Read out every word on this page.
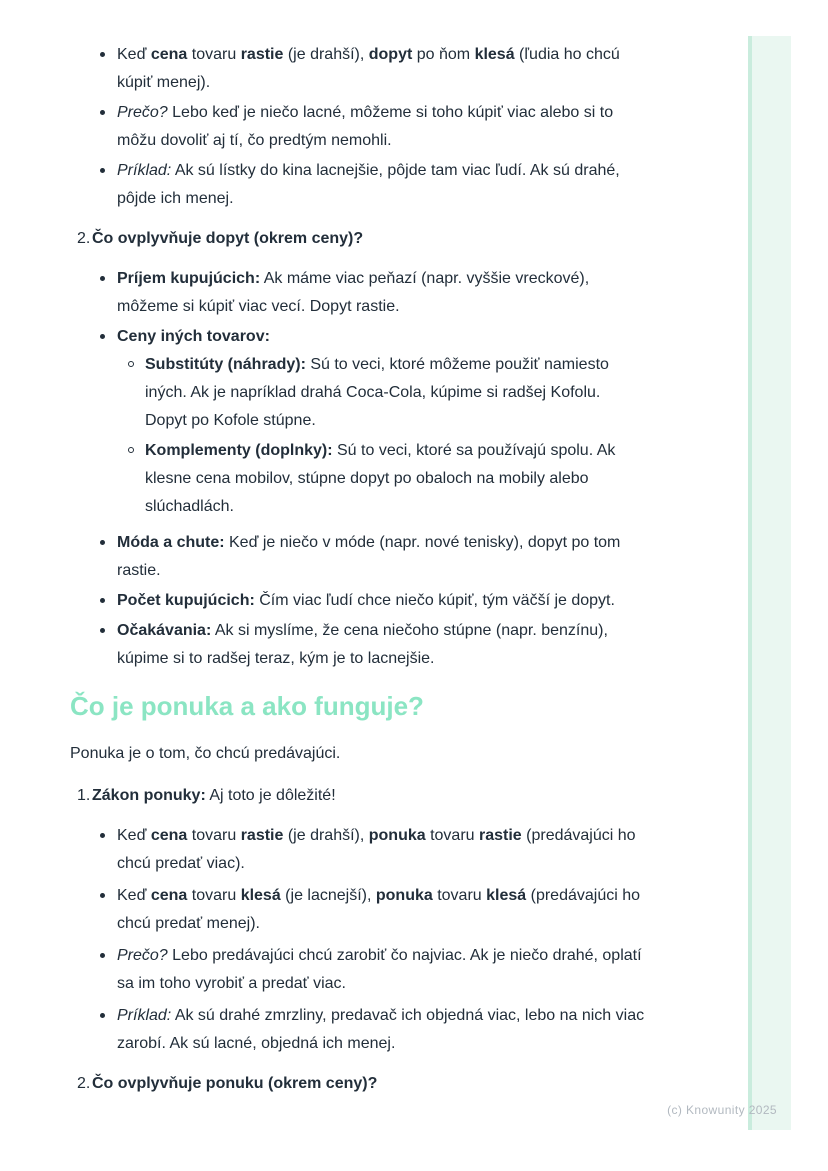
Keď cena tovaru rastie (je drahší), dopyt po ňom klesá (ľudia ho chcú kúpiť menej).
Prečo? Lebo keď je niečo lacné, môžeme si toho kúpiť viac alebo si to môžu dovoliť aj tí, čo predtým nemohli.
Príklad: Ak sú lístky do kina lacnejšie, pôjde tam viac ľudí. Ak sú drahé, pôjde ich menej.
2. Čo ovplyvňuje dopyt (okrem ceny)?
Príjem kupujúcich: Ak máme viac peňazí (napr. vyššie vreckové), môžeme si kúpiť viac vecí. Dopyt rastie.
Ceny iných tovarov:
Substitúty (náhrady): Sú to veci, ktoré môžeme použiť namiesto iných. Ak je napríklad drahá Coca-Cola, kúpime si radšej Kofolu. Dopyt po Kofole stúpne.
Komplementy (doplnky): Sú to veci, ktoré sa používajú spolu. Ak klesne cena mobilov, stúpne dopyt po obaloch na mobily alebo slúchadlách.
Móda a chute: Keď je niečo v móde (napr. nové tenisky), dopyt po tom rastie.
Počet kupujúcich: Čím viac ľudí chce niečo kúpiť, tým väčší je dopyt.
Očakávania: Ak si myslíme, že cena niečoho stúpne (napr. benzínu), kúpime si to radšej teraz, kým je to lacnejšie.
Čo je ponuka a ako funguje?

Ponuka je o tom, čo chcú predávajúci.

1. Zákon ponuky: Aj toto je dôležité!
Keď cena tovaru rastie (je drahší), ponuka tovaru rastie (predávajúci ho chcú predať viac).
Keď cena tovaru klesá (je lacnejší), ponuka tovaru klesá (predávajúci ho chcú predať menej).
Prečo? Lebo predávajúci chcú zarobiť čo najviac. Ak je niečo drahé, oplatí sa im toho vyrobiť a predať viac.
Príklad: Ak sú drahé zmrzliny, predavač ich objedná viac, lebo na nich viac zarobí. Ak sú lacné, objedná ich menej.
2. Čo ovplyvňuje ponuku (okrem ceny)?
(c) Knowunity 2025
